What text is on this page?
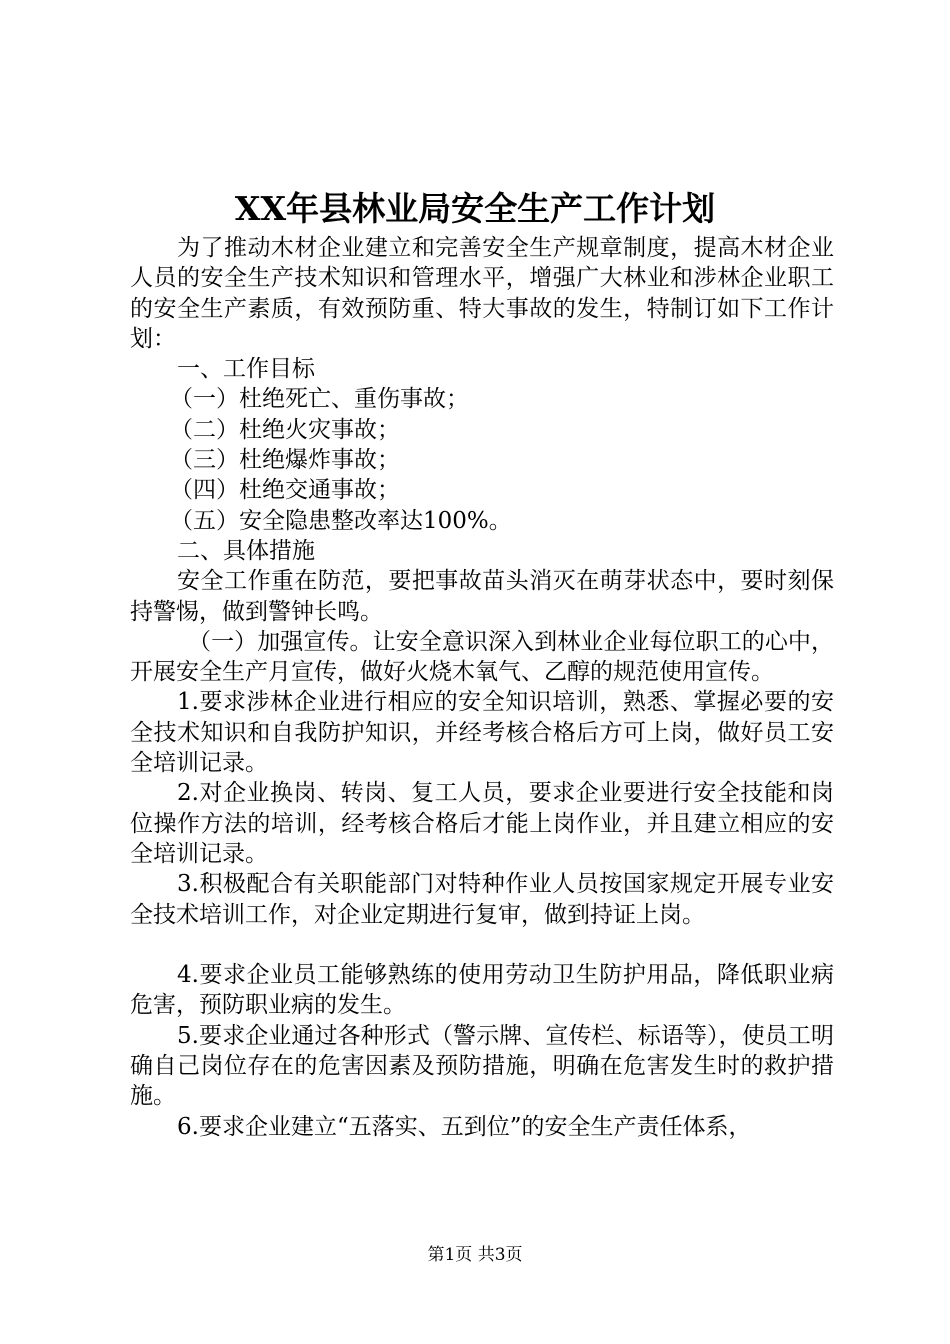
XX年县林业局安全生产工作计划

为了推动木材企业建立和完善安全生产规章制度，提高木材企业人员的安全生产技术知识和管理水平，增强广大林业和涉林企业职工的安全生产素质，有效预防重、特大事故的发生，特制订如下工作计划：

一、工作目标

（一）杜绝死亡、重伤事故；

（二）杜绝火灾事故；

（三）杜绝爆炸事故；

（四）杜绝交通事故；

（五）安全隐患整改率达100%。

二、具体措施

安全工作重在防范，要把事故苗头消灭在萌芽状态中，要时刻保持警惕，做到警钟长鸣。

（一）加强宣传。让安全意识深入到林业企业每位职工的心中，开展安全生产月宣传，做好火烧木氧气、乙醇的规范使用宣传。

1.要求涉林企业进行相应的安全知识培训，熟悉、掌握必要的安全技术知识和自我防护知识，并经考核合格后方可上岗，做好员工安全培训记录。

2.对企业换岗、转岗、复工人员，要求企业要进行安全技能和岗位操作方法的培训，经考核合格后才能上岗作业，并且建立相应的安全培训记录。

3.积极配合有关职能部门对特种作业人员按国家规定开展专业安全技术培训工作，对企业定期进行复审，做到持证上岗。

4.要求企业员工能够熟练的使用劳动卫生防护用品，降低职业病危害，预防职业病的发生。

5.要求企业通过各种形式（警示牌、宣传栏、标语等），使员工明确自己岗位存在的危害因素及预防措施，明确在危害发生时的救护措施。

6.要求企业建立“五落实、五到位”的安全生产责任体系，

第1页 共3页
